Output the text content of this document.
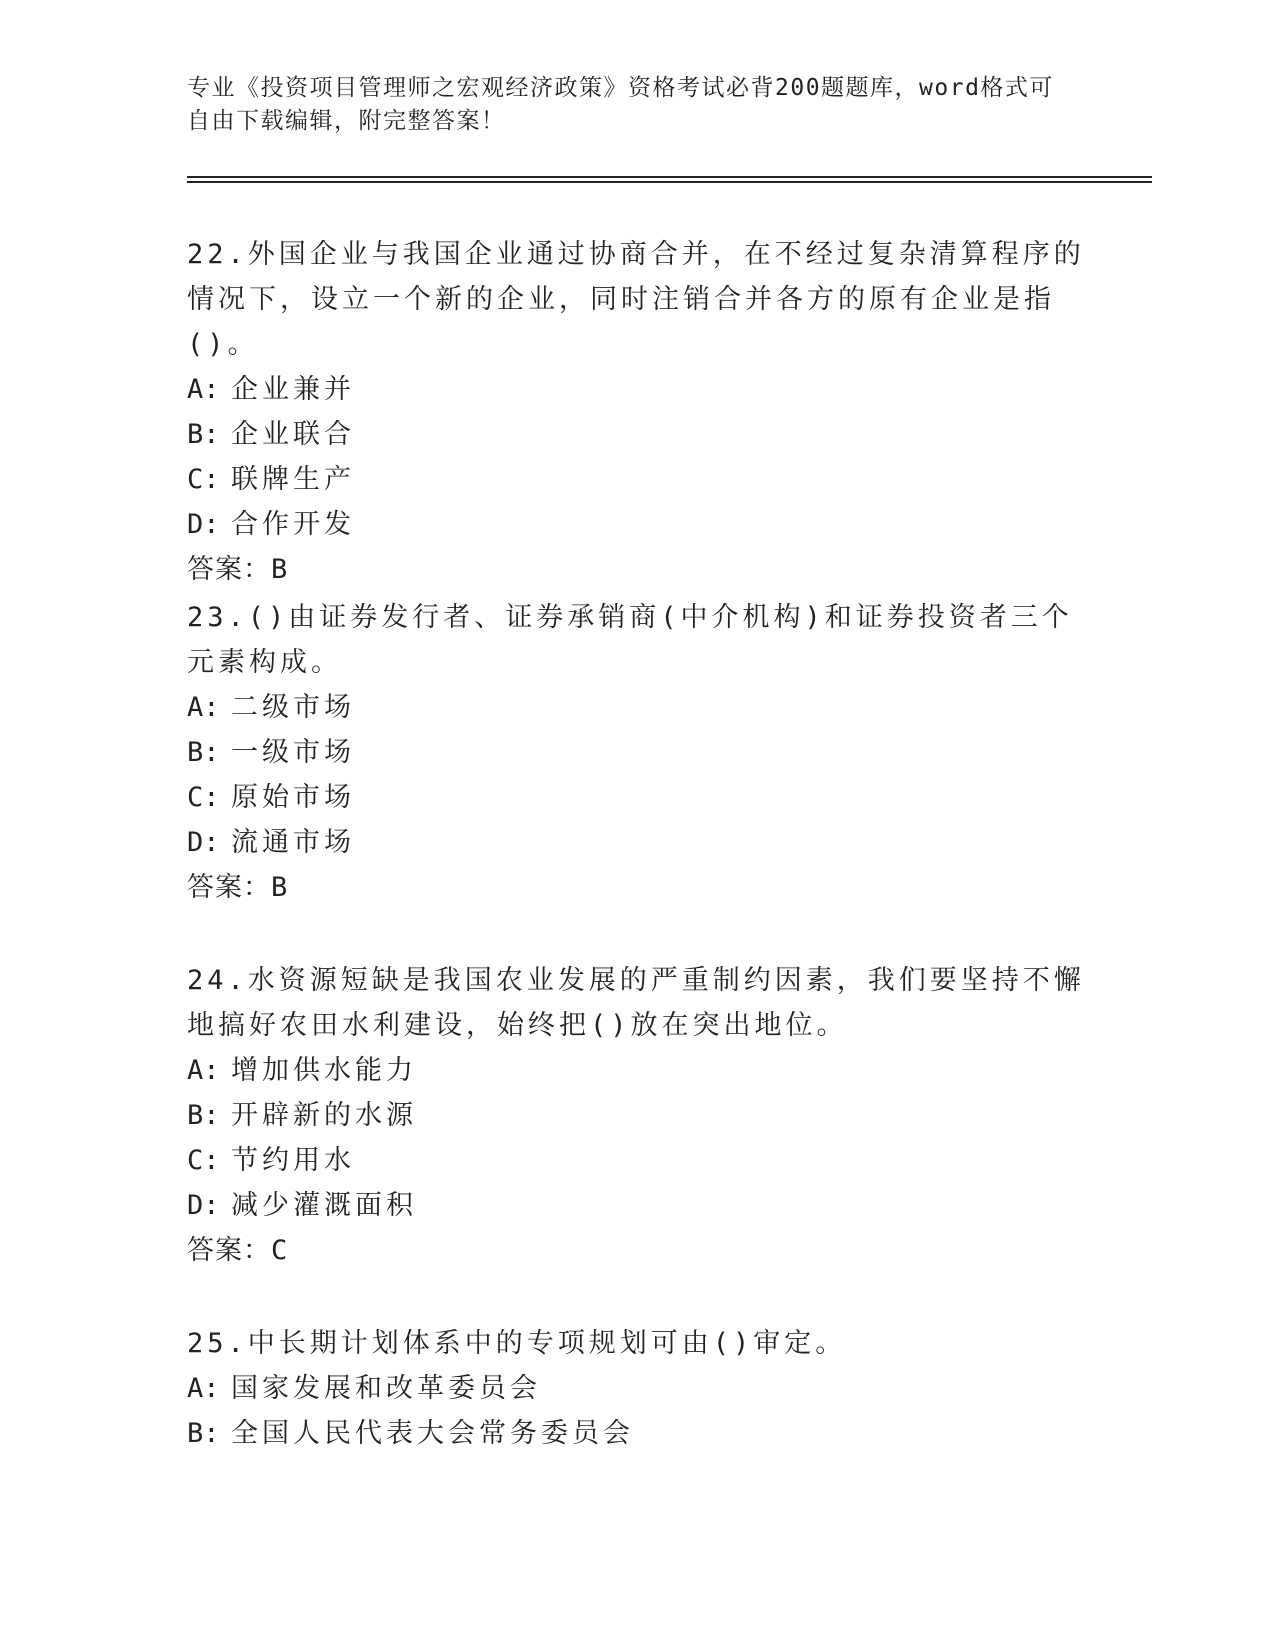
专业《投资项目管理师之宏观经济政策》资格考试必背200题题库，word格式可
自由下载编辑，附完整答案！

22.外国企业与我国企业通过协商合并，在不经过复杂清算程序的情况下，设立一个新的企业，同时注销合并各方的原有企业是指()。

A: 企业兼并
B: 企业联合
C: 联牌生产
D: 合作开发
答案：B

23.()由证券发行者、证券承销商(中介机构)和证券投资者三个元素构成。

A: 二级市场
B: 一级市场
C: 原始市场
D: 流通市场
答案：B

24.水资源短缺是我国农业发展的严重制约因素，我们要坚持不懈地搞好农田水利建设，始终把()放在突出地位。

A: 增加供水能力
B: 开辟新的水源
C: 节约用水
D: 减少灌溉面积
答案：C

25.中长期计划体系中的专项规划可由()审定。

A: 国家发展和改革委员会
B: 全国人民代表大会常务委员会
